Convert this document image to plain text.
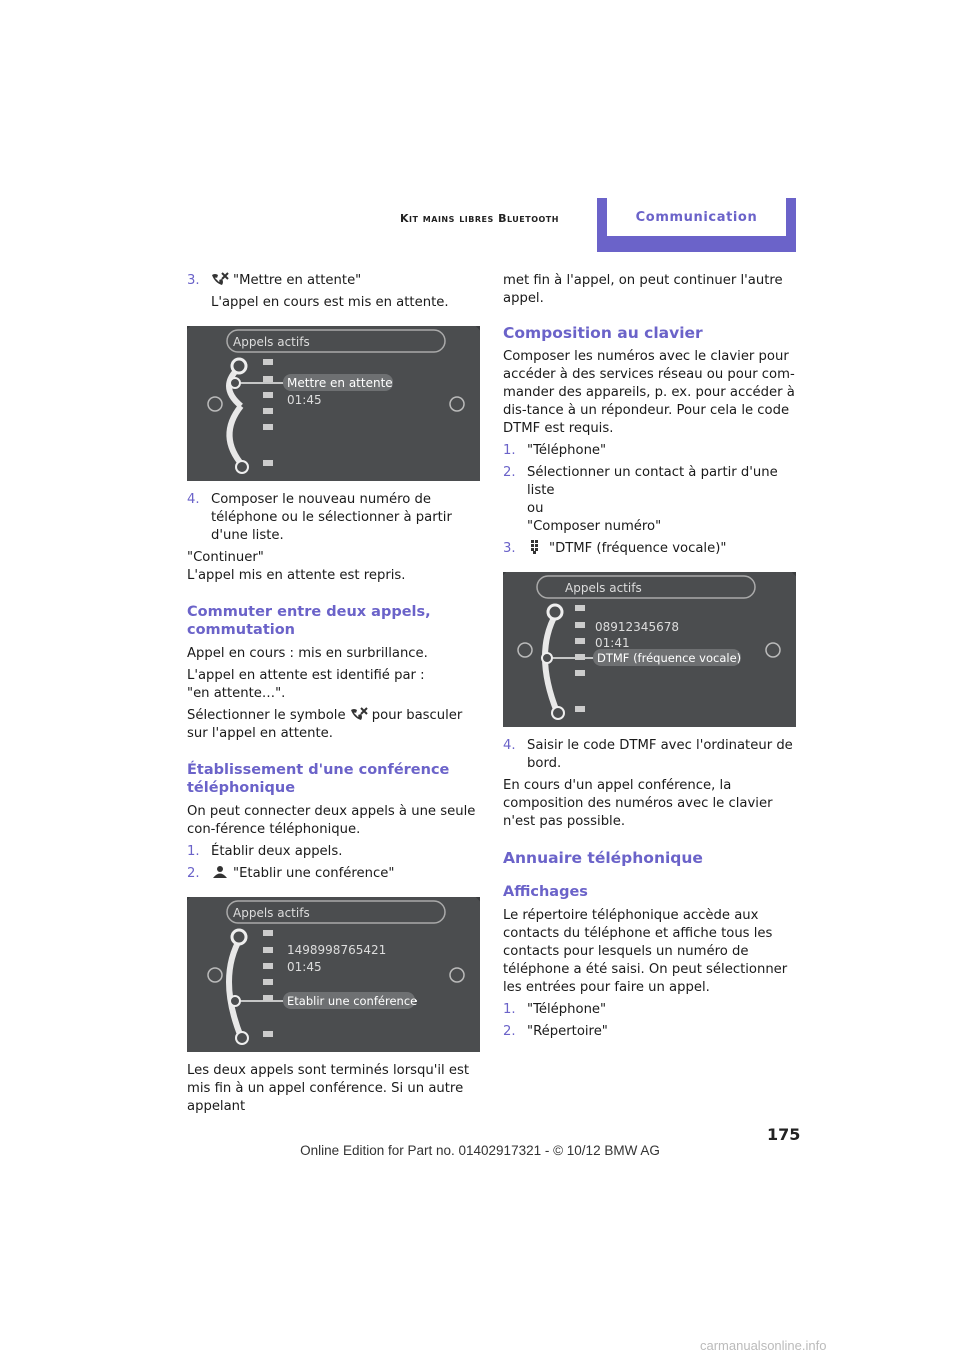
Kit mains libres Bluetooth	Communication
3.	"Mettre en attente"

L'appel en cours est mis en attente.

Appels actifs
Mettre en attente
01:45
4. Composer le nouveau numéro de téléphone ou le sélectionner à partir d'une liste.

"Continuer"

L'appel mis en attente est repris.

Commuter entre deux appels, commutation

Appel en cours : mis en surbrillance.

L'appel en attente est identifié par :

"en attente…".

Sélectionner le symbole pour basculer sur l'appel en attente.

Établissement d'une conférence téléphonique

On peut connecter deux appels à une seule con-férence téléphonique.

1. Établir deux appels.
2.	"Etablir une conférence"
Appels actifs
1498998765421
01:45
Etablir une conférence

Les deux appels sont terminés lorsqu'il est mis fin à un appel conférence. Si un autre appelant

met fin à l'appel, on peut continuer l'autre appel.

Composition au clavier

Composer les numéros avec le clavier pour accéder à des services réseau ou pour com-mander des appareils, p. ex. pour accéder à dis-tance à un répondeur. Pour cela le code DTMF est requis.

1. "Téléphone"
2. Sélectionner un contact à partir d'une liste
ou
"Composer numéro"
3.	"DTMF (fréquence vocale)"
Appels actifs
08912345678
01:41
DTMF (fréquence vocale)
4. Saisir le code DTMF avec l'ordinateur de bord.

En cours d'un appel conférence, la composition des numéros avec le clavier n'est pas possible.

Annuaire téléphonique
Affichages

Le répertoire téléphonique accède aux contacts du téléphone et affiche tous les contacts pour lesquels un numéro de téléphone a été saisi. On peut sélectionner les entrées pour faire un appel.

1. "Téléphone"
2. "Répertoire"
175
Online Edition for Part no. 01402917321 - © 10/12 BMW AG
carmanualsonline.info
